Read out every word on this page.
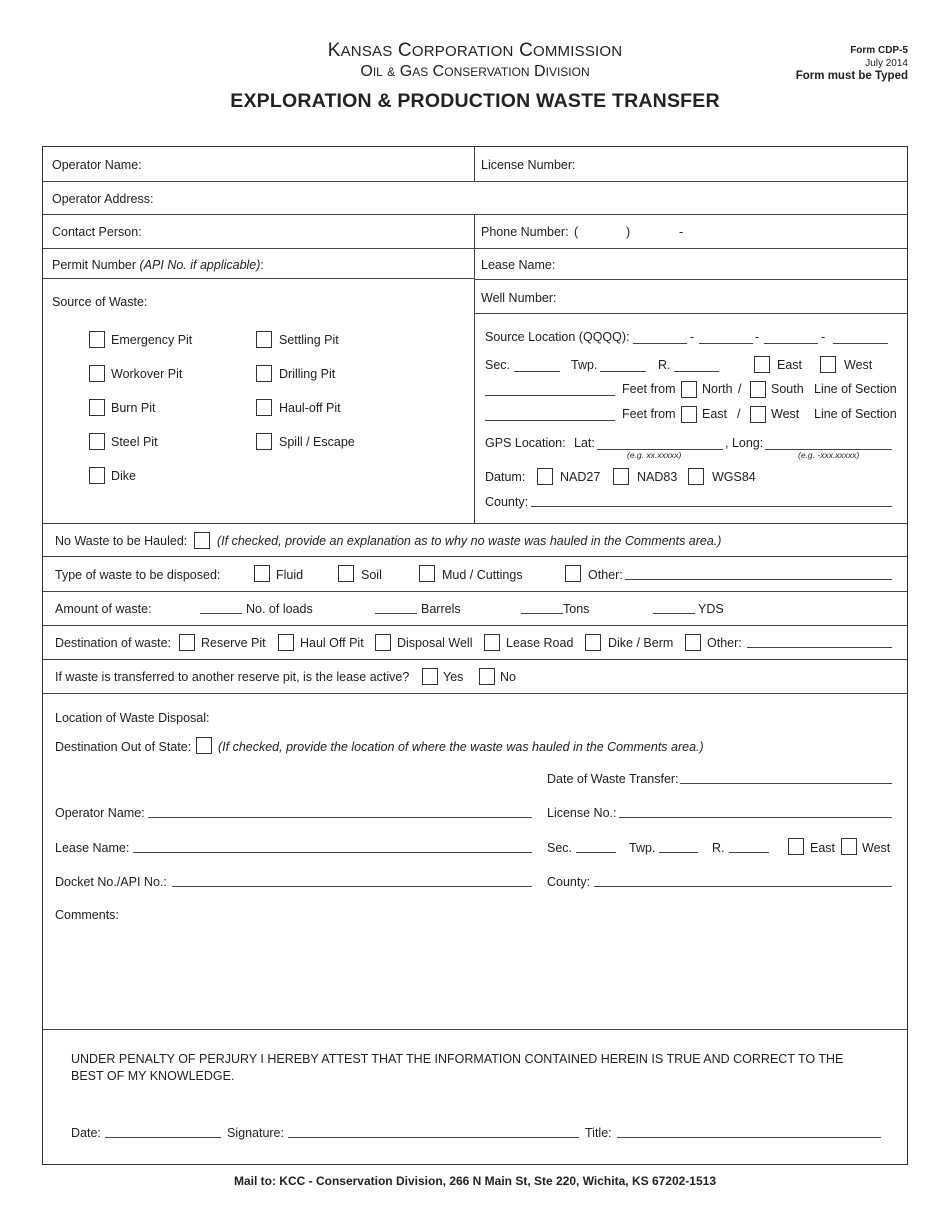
KANSAS CORPORATION COMMISSION
OIL & GAS CONSERVATION DIVISION
EXPLORATION & PRODUCTION WASTE TRANSFER
Form CDP-5
July 2014
Form must be Typed
Operator Name:	License Number:
Operator Address:
Contact Person:	Phone Number: (	)	-
Permit Number (API No. if applicable):	Lease Name:
Well Number:
Source of Waste:
Emergency Pit	Settling Pit
Workover Pit	Drilling Pit
Burn Pit	Haul-off Pit
Steel Pit	Spill / Escape
Dike
Source Location (QQQQ):	-	-	-
Sec.	Twp.	R.	East	West
Feet from North / South Line of Section
Feet from East / West Line of Section
GPS Location: Lat:
(e.g. xx.xxxxx)
, Long:
(e.g. -xxx.xxxxx)
Datum:	NAD27	NAD83	WGS84
County:
No Waste to be Hauled: (If checked, provide an explanation as to why no waste was hauled in the Comments area.)
Type of waste to be disposed:	Fluid	Soil	Mud / Cuttings	Other:
Amount of waste:	No. of loads	Barrels	Tons	YDS
Destination of waste: Reserve Pit	Haul Off Pit	Disposal Well	Lease Road	Dike / Berm	Other:
If waste is transferred to another reserve pit, is the lease active?	Yes	No
Location of Waste Disposal:
Destination Out of State: (If checked, provide the location of where the waste was hauled in the Comments area.)
Date of Waste Transfer:
Operator Name:	License No.:
Lease Name:	Sec.	Twp.	R.	East West
Docket No./API No.:	County:
Comments:
UNDER PENALTY OF PERJURY I HEREBY ATTEST THAT THE INFORMATION CONTAINED HEREIN IS TRUE AND CORRECT TO THE BEST OF MY KNOWLEDGE.
Date:	Signature:	Title:
Mail to: KCC - Conservation Division, 266 N Main St, Ste 220, Wichita, KS 67202-1513
